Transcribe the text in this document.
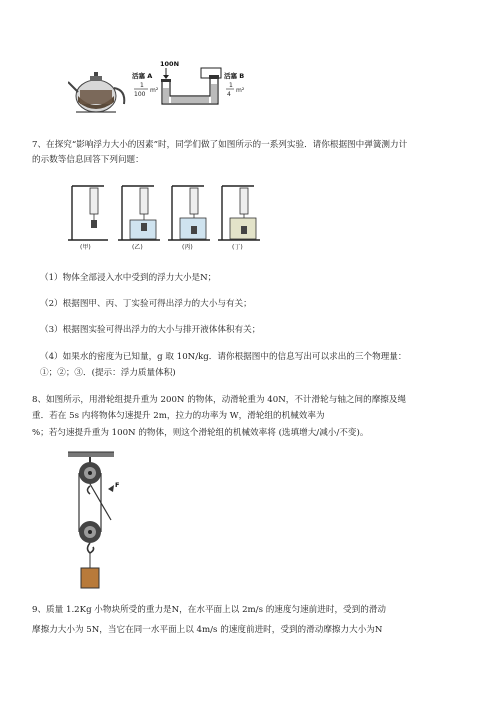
100N
活塞 A
1
100
m²
活塞 B
1
4
m²
7、在探究“影响浮力大小的因素”时，同学们做了如图所示的一系列实验．请你根据图中弹簧测力计
的示数等信息回答下列问题：
(甲)	(乙)	(丙)	(丁)
（1）物体全部浸入水中受到的浮力大小是N；
（2）根据图甲、丙、丁实验可得出浮力的大小与有关；
（3）根据图实验可得出浮力的大小与排开液体体积有关；
（4）如果水的密度为已知量，g 取 10N/kg．请你根据图中的信息写出可以求出的三个物理量：
①；②；③．(提示：浮力质量体积)
8、如图所示，用滑轮组提升重为 200N 的物体，动滑轮重为 40N，不计滑轮与轴之间的摩擦及绳
重．若在 5s 内将物体匀速提升 2m，拉力的功率为 W，滑轮组的机械效率为
%；若匀速提升重为 100N 的物体，则这个滑轮组的机械效率将 (选填增大/减小/不变)。
F
9、质量 1.2Kg 小物块所受的重力是N，在水平面上以 2m/s 的速度匀速前进时，受到的滑动
摩擦力大小为 5N，当它在同一水平面上以 4m/s 的速度前进时，受到的滑动摩擦力大小为N
